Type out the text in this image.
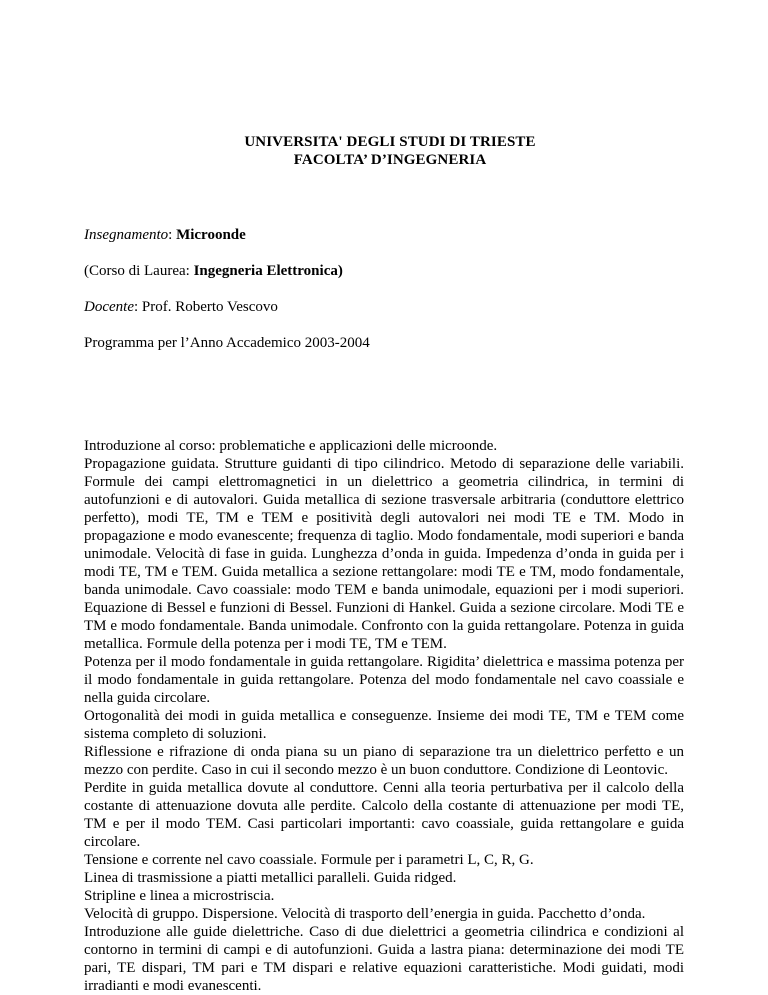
UNIVERSITA' DEGLI STUDI DI TRIESTE
FACOLTA’ D’INGEGNERIA
Insegnamento: Microonde
(Corso di Laurea: Ingegneria Elettronica)
Docente: Prof. Roberto Vescovo
Programma per l’Anno Accademico 2003-2004

Introduzione al corso: problematiche e applicazioni delle microonde.

Propagazione guidata. Strutture guidanti di tipo cilindrico. Metodo di separazione delle variabili. Formule dei campi elettromagnetici in un dielettrico a geometria cilindrica, in termini di autofunzioni e di autovalori. Guida metallica di sezione trasversale arbitraria (conduttore elettrico perfetto), modi TE, TM e TEM e positività degli autovalori nei modi TE e TM. Modo in propagazione e modo evanescente; frequenza di taglio. Modo fondamentale, modi superiori e banda unimodale. Velocità di fase in guida. Lunghezza d’onda in guida. Impedenza d’onda in guida per i modi TE, TM e TEM. Guida metallica a sezione rettangolare: modi TE e TM, modo fondamentale, banda unimodale. Cavo coassiale: modo TEM e banda unimodale, equazioni per i modi superiori. Equazione di Bessel e funzioni di Bessel. Funzioni di Hankel. Guida a sezione circolare. Modi TE e TM e modo fondamentale. Banda unimodale. Confronto con la guida rettangolare. Potenza in guida metallica. Formule della potenza per i modi TE, TM e TEM.

Potenza per il modo fondamentale in guida rettangolare. Rigidita’ dielettrica e massima potenza per il modo fondamentale in guida rettangolare. Potenza del modo fondamentale nel cavo coassiale e nella guida circolare.

Ortogonalità dei modi in guida metallica e conseguenze. Insieme dei modi TE, TM e TEM come sistema completo di soluzioni.

Riflessione e rifrazione di onda piana su un piano di separazione tra un dielettrico perfetto e un mezzo con perdite. Caso in cui il secondo mezzo è un buon conduttore. Condizione di Leontovic.

Perdite in guida metallica dovute al conduttore. Cenni alla teoria perturbativa per il calcolo della costante di attenuazione dovuta alle perdite. Calcolo della costante di attenuazione per modi TE, TM e per il modo TEM. Casi particolari importanti: cavo coassiale, guida rettangolare e guida circolare.

Tensione e corrente nel cavo coassiale. Formule per i parametri L, C, R, G.

Linea di trasmissione a piatti metallici paralleli. Guida ridged.

Stripline e linea a microstriscia.

Velocità di gruppo. Dispersione. Velocità di trasporto dell’energia in guida. Pacchetto d’onda.

Introduzione alle guide dielettriche. Caso di due dielettrici a geometria cilindrica e condizioni al contorno in termini di campi e di autofunzioni. Guida a lastra piana: determinazione dei modi TE pari, TE dispari, TM pari e TM dispari e relative equazioni caratteristiche. Modi guidati, modi irradianti e modi evanescenti.
